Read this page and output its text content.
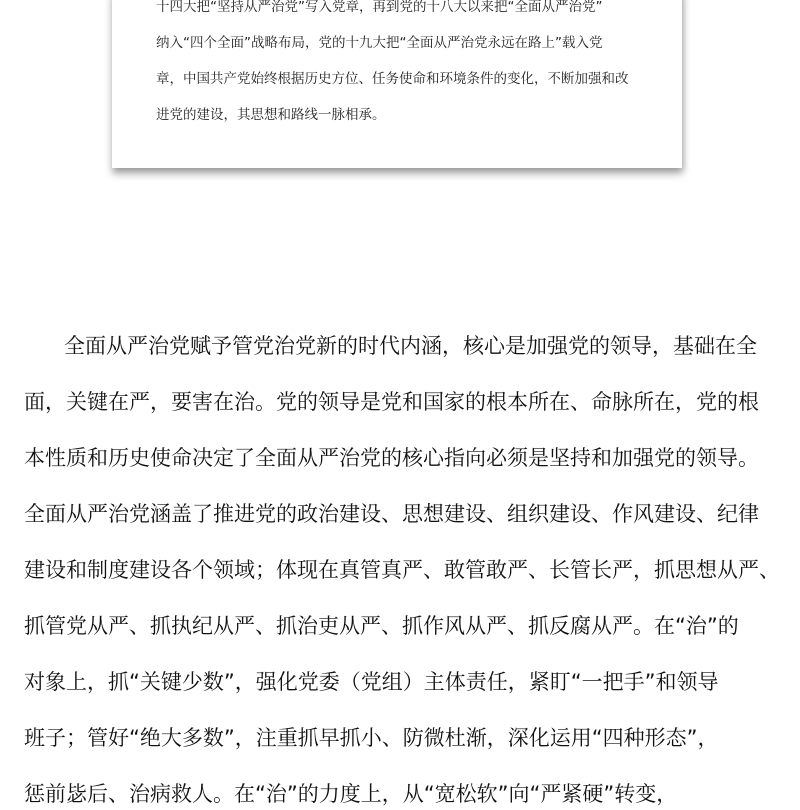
十四大把“坚持从严治党”写入党章，再到党的十八大以来把“全面从严治党”
纳入“四个全面”战略布局，党的十九大把“全面从严治党永远在路上”载入党
章，中国共产党始终根据历史方位、任务使命和环境条件的变化，不断加强和改
进党的建设，其思想和路线一脉相承。
全面从严治党赋予管党治党新的时代内涵，核心是加强党的领导，基础在全
面，关键在严，要害在治。党的领导是党和国家的根本所在、命脉所在，党的根
本性质和历史使命决定了全面从严治党的核心指向必须是坚持和加强党的领导。
全面从严治党涵盖了推进党的政治建设、思想建设、组织建设、作风建设、纪律
建设和制度建设各个领域；体现在真管真严、敢管敢严、长管长严，抓思想从严、
抓管党从严、抓执纪从严、抓治吏从严、抓作风从严、抓反腐从严。在“治”的
对象上，抓“关键少数”，强化党委（党组）主体责任，紧盯“一把手”和领导
班子；管好“绝大多数”，注重抓早抓小、防微杜渐，深化运用“四种形态”，
惩前毖后、治病救人。在“治”的力度上，从“宽松软”向“严紧硬”转变，
